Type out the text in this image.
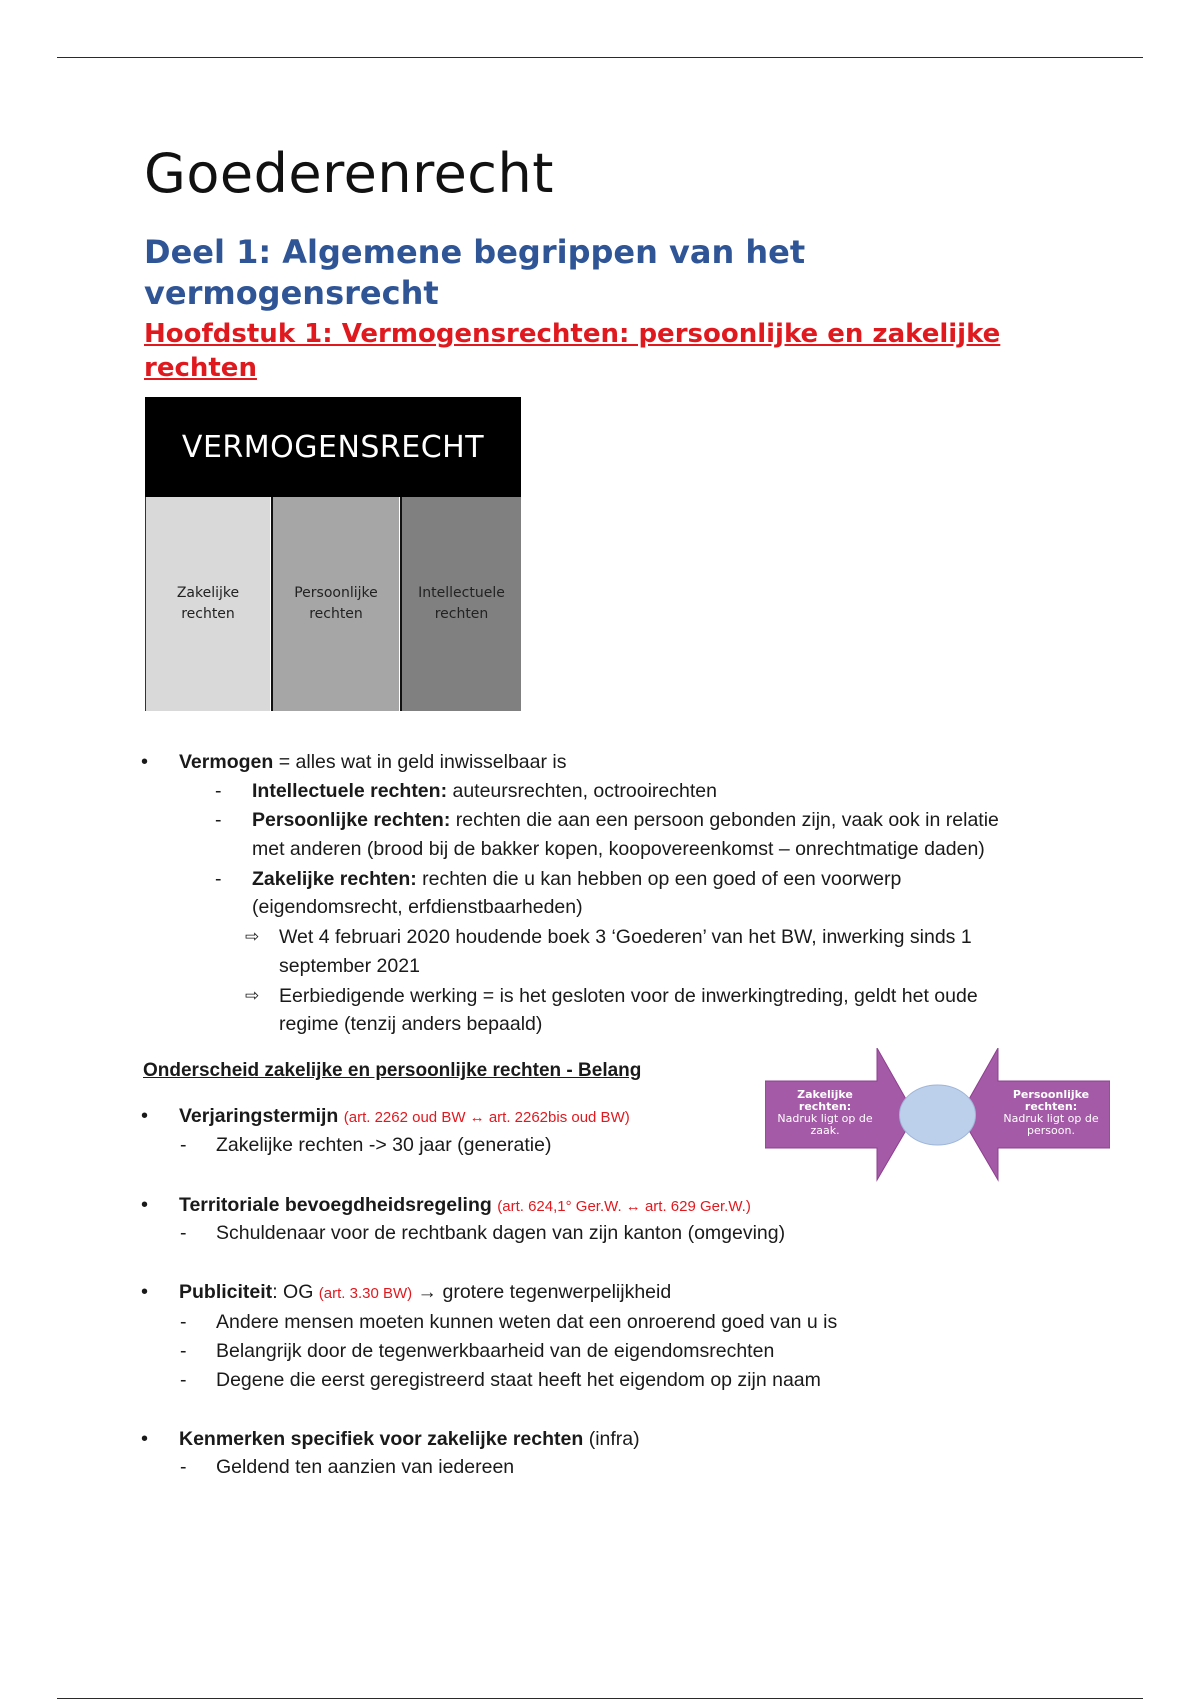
Goederenrecht
Deel 1: Algemene begrippen van het vermogensrecht
Hoofdstuk 1: Vermogensrechten: persoonlijke en zakelijke rechten
VERMOGENSRECHT
Zakelijke rechten
Persoonlijke rechten
Intellectuele rechten
• Vermogen = alles wat in geld inwisselbaar is
- Intellectuele rechten: auteursrechten, octrooirechten
- Persoonlijke rechten: rechten die aan een persoon gebonden zijn, vaak ook in relatie
met anderen (brood bij de bakker kopen, koopovereenkomst – onrechtmatige daden)
- Zakelijke rechten: rechten die u kan hebben op een goed of een voorwerp
(eigendomsrecht, erfdienstbaarheden)
⇨ Wet 4 februari 2020 houdende boek 3 ‘Goederen’ van het BW, inwerking sinds 1
september 2021
⇨ Eerbiedigende werking = is het gesloten voor de inwerkingtreding, geldt het oude
regime (tenzij anders bepaald)
Onderscheid zakelijke en persoonlijke rechten - Belang
• Verjaringstermijn (art. 2262 oud BW ↔ art. 2262bis oud BW)
- Zakelijke rechten -> 30 jaar (generatie)
• Territoriale bevoegdheidsregeling (art. 624,1° Ger.W. ↔ art. 629 Ger.W.)
- Schuldenaar voor de rechtbank dagen van zijn kanton (omgeving)
• Publiciteit: OG (art. 3.30 BW) → grotere tegenwerpelijkheid
- Andere mensen moeten kunnen weten dat een onroerend goed van u is
- Belangrijk door de tegenwerkbaarheid van de eigendomsrechten
- Degene die eerst geregistreerd staat heeft het eigendom op zijn naam
• Kenmerken specifiek voor zakelijke rechten (infra)
- Geldend ten aanzien van iedereen
Zakelijke rechten:
Nadruk ligt op de zaak.
Persoonlijke rechten:
Nadruk ligt op de persoon.
